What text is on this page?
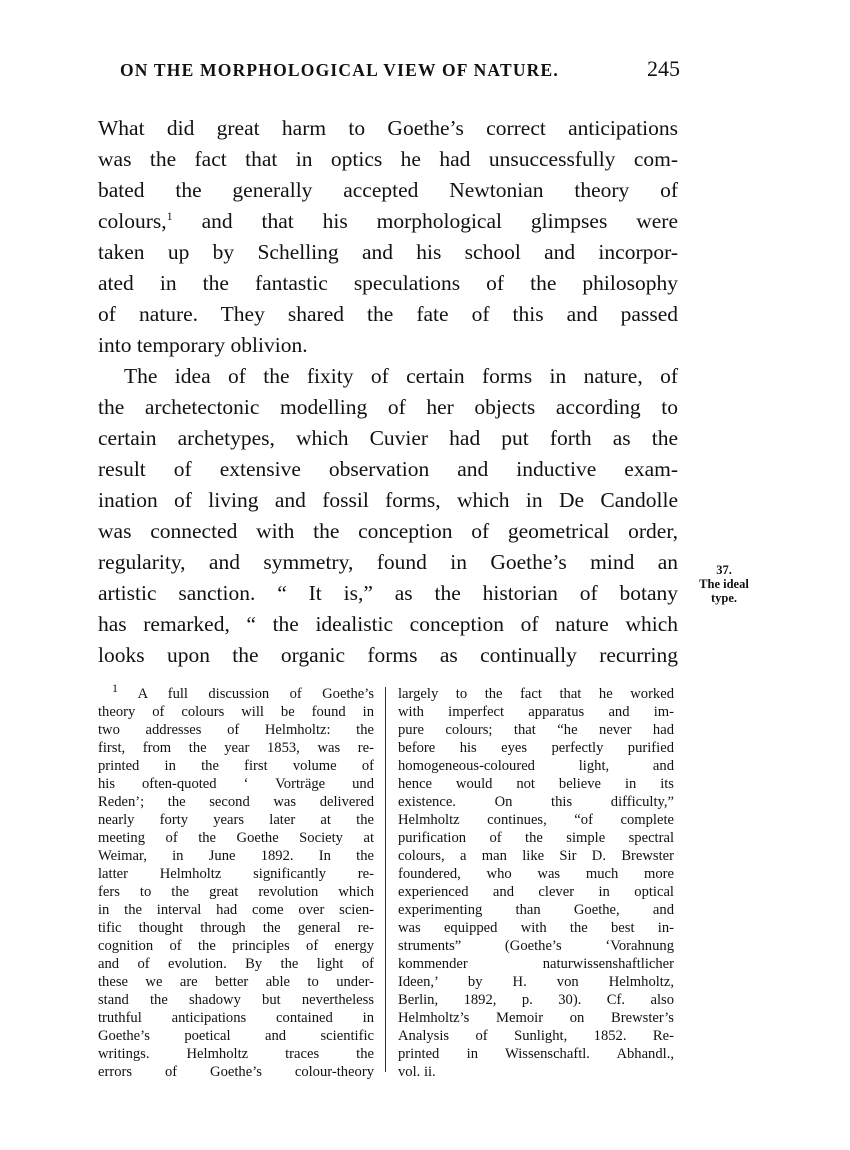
ON THE MORPHOLOGICAL VIEW OF NATURE.	245
What did great harm to Goethe’s correct anticipations
was the fact that in optics he had unsuccessfully com-
bated the generally accepted Newtonian theory of
colours,$^1$ and that his morphological glimpses were
taken up by Schelling and his school and incorpor-
ated in the fantastic speculations of the philosophy
of nature. They shared the fate of this and passed
into temporary oblivion.
The idea of the fixity of certain forms in nature, of
the archetectonic modelling of her objects according to
certain archetypes, which Cuvier had put forth as the
result of extensive observation and inductive exam-
ination of living and fossil forms, which in De Candolle
was connected with the conception of geometrical order,
regularity, and symmetry, found in Goethe’s mind an
artistic sanction. “ It is,” as the historian of botany
has remarked, “ the idealistic conception of nature which
looks upon the organic forms as continually recurring
37.
The ideal
type.
$^1$ A full discussion of Goethe’s
theory of colours will be found in
two addresses of Helmholtz: the
first, from the year 1853, was re-
printed in the first volume of
his often-quoted ‘ Vorträge und
Reden’; the second was delivered
nearly forty years later at the
meeting of the Goethe Society at
Weimar, in June 1892. In the
latter Helmholtz significantly re-
fers to the great revolution which
in the interval had come over scien-
tific thought through the general re-
cognition of the principles of energy
and of evolution. By the light of
these we are better able to under-
stand the shadowy but nevertheless
truthful anticipations contained in
Goethe’s poetical and scientific
writings. Helmholtz traces the
errors of Goethe’s colour-theory
largely to the fact that he worked
with imperfect apparatus and im-
pure colours; that “he never had
before his eyes perfectly purified
homogeneous-coloured light, and
hence would not believe in its
existence. On this difficulty,”
Helmholtz continues, “of complete
purification of the simple spectral
colours, a man like Sir D. Brewster
foundered, who was much more
experienced and clever in optical
experimenting than Goethe, and
was equipped with the best in-
struments” (Goethe’s ‘Vorahnung
kommender naturwissenshaftlicher
Ideen,’ by H. von Helmholtz,
Berlin, 1892, p. 30). Cf. also
Helmholtz’s Memoir on Brewster’s
Analysis of Sunlight, 1852. Re-
printed in Wissenschaftl. Abhandl.,
vol. ii.
